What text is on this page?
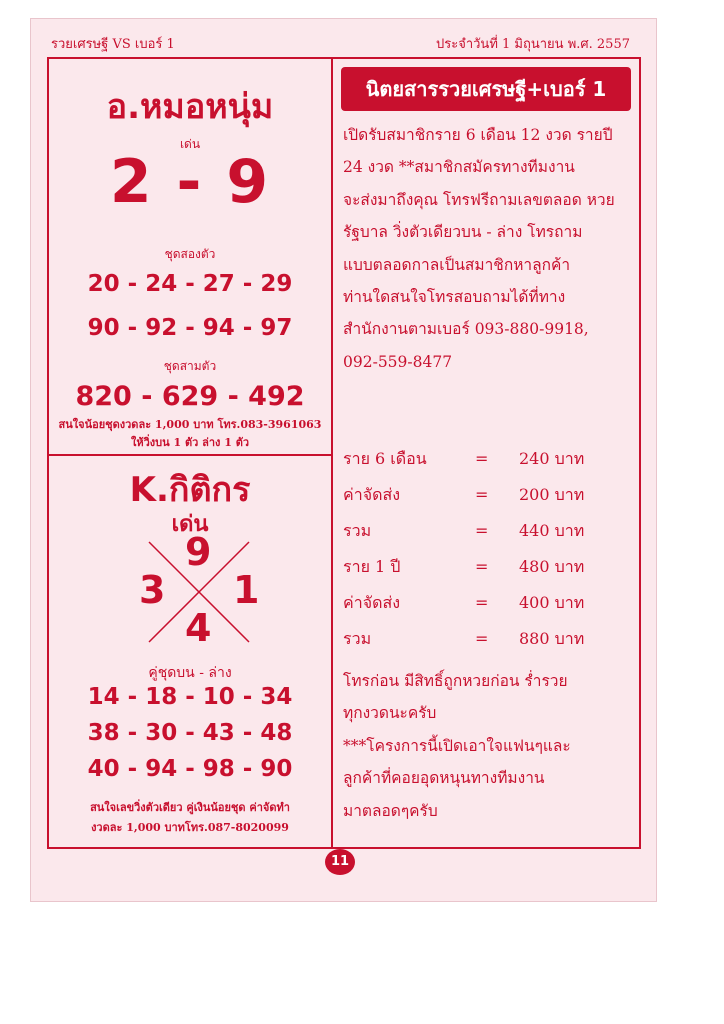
รวยเศรษฐี VS เบอร์ 1	ประจำวันที่ 1 มิถุนายน พ.ศ. 2557
อ.หมอหนุ่ม
เด่น
2 - 9
ชุดสองตัว
20 - 24 - 27 - 29
90 - 92 - 94 - 97
ชุดสามตัว
820 - 629 - 492
สนใจน้อยชุดงวดละ 1,000 บาท โทร.083-3961063
ให้วิ่งบน 1 ตัว ล่าง 1 ตัว
K.กิติกร
เด่น
9
3 1
4
คู่ชุดบน - ล่าง
14 - 18 - 10 - 34
38 - 30 - 43 - 48
40 - 94 - 98 - 90
สนใจเลขวิ่งตัวเดียว คู่เงินน้อยชุด ค่าจัดทำ
งวดละ 1,000 บาทโทร.087-8020099
นิตยสารรวยเศรษฐี+เบอร์ 1
เปิดรับสมาชิกราย 6 เดือน 12 งวด รายปี
24 งวด **สมาชิกสมัครทางทีมงาน
จะส่งมาถึงคุณ โทรฟรีถามเลขตลอด หวย
รัฐบาล วิ่งตัวเดียวบน - ล่าง โทรถาม
แบบตลอดกาลเป็นสมาชิกหาลูกค้า
ท่านใดสนใจโทรสอบถามได้ที่ทาง
สำนักงานตามเบอร์ 093-880-9918,
092-559-8477
ราย 6 เดือน	= 240 บาท
ค่าจัดส่ง	= 200 บาท
รวม	= 440 บาท
ราย 1 ปี	= 480 บาท
ค่าจัดส่ง	= 400 บาท
รวม	= 880 บาท
โทรก่อน มีสิทธิ์ถูกหวยก่อน ร่ำรวย
ทุกงวดนะครับ
***โครงการนี้เปิดเอาใจแฟนๆและ
ลูกค้าที่คอยอุดหนุนทางทีมงาน
มาตลอดๆครับ
11
